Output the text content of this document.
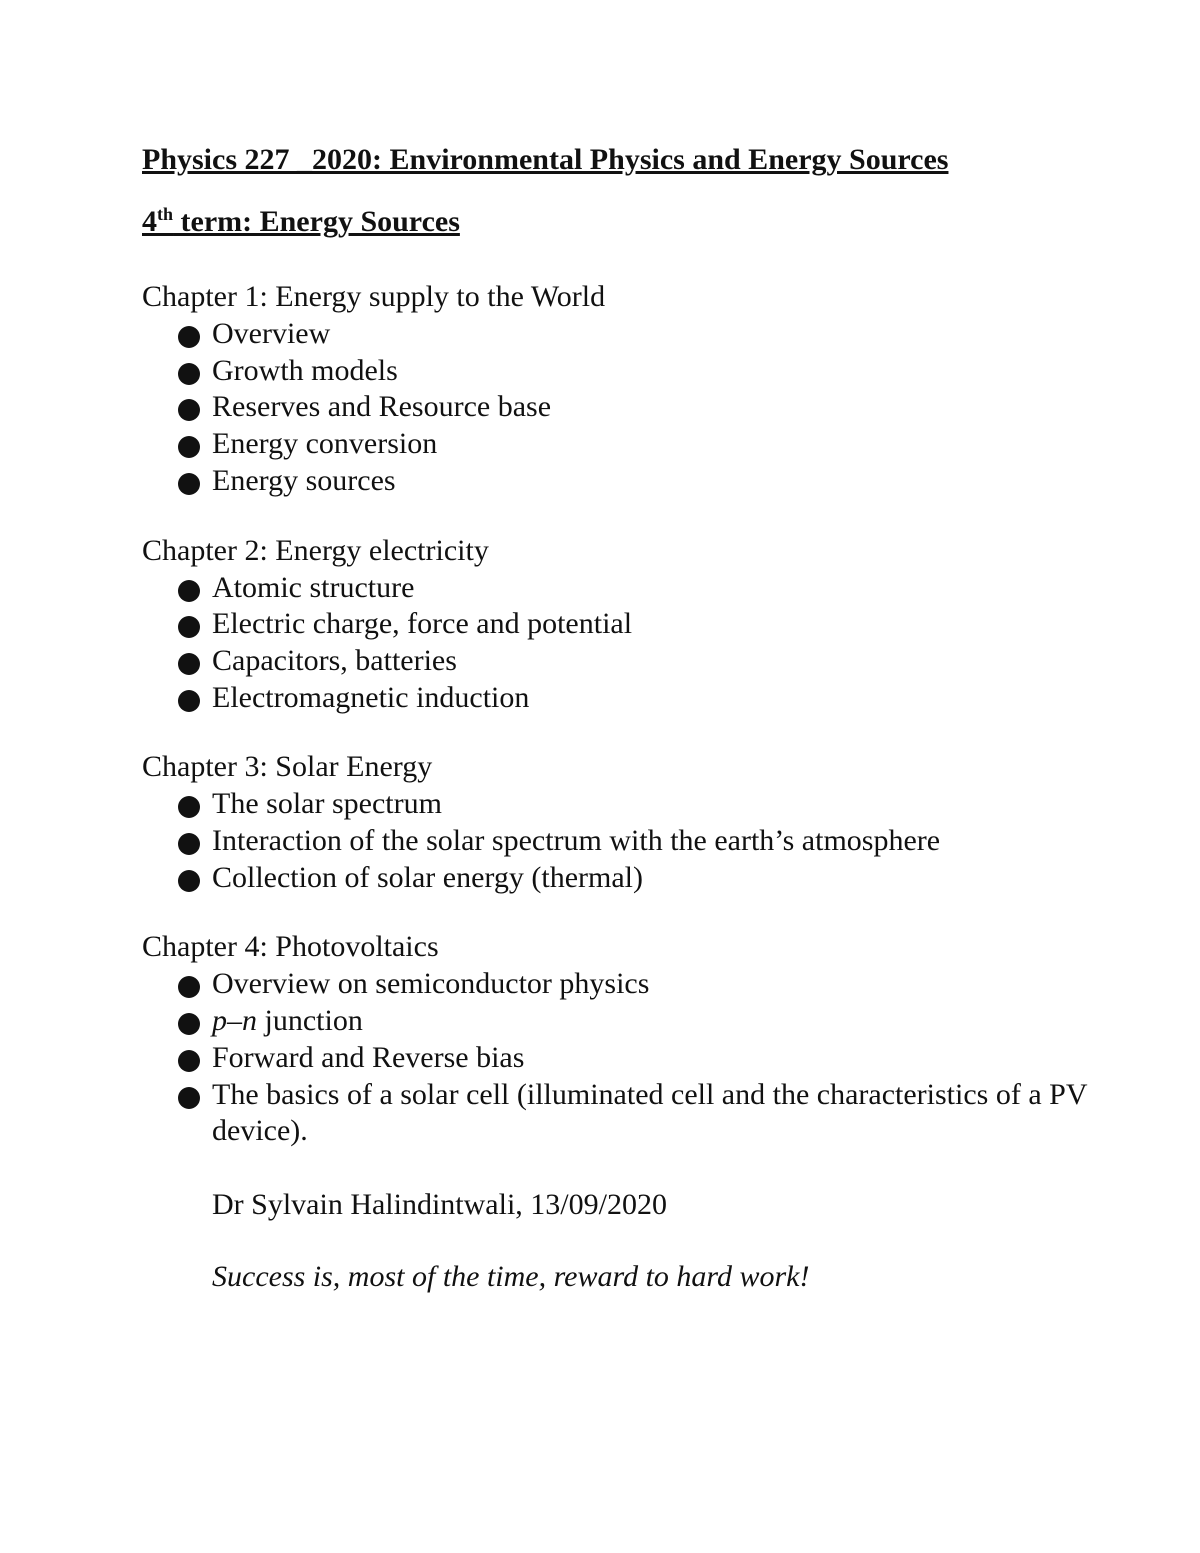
Physics 227 _2020: Environmental Physics and Energy Sources
4th term: Energy Sources
Chapter 1: Energy supply to the World
Overview
Growth models
Reserves and Resource base
Energy conversion
Energy sources
Chapter 2: Energy electricity
Atomic structure
Electric charge, force and potential
Capacitors, batteries
Electromagnetic induction
Chapter 3: Solar Energy
The solar spectrum
Interaction of the solar spectrum with the earth’s atmosphere
Collection of solar energy (thermal)
Chapter 4: Photovoltaics
Overview on semiconductor physics
p–n junction
Forward and Reverse bias
The basics of a solar cell (illuminated cell and the characteristics of a PV device).
Dr Sylvain Halindintwali, 13/09/2020
Success is, most of the time, reward to hard work!
